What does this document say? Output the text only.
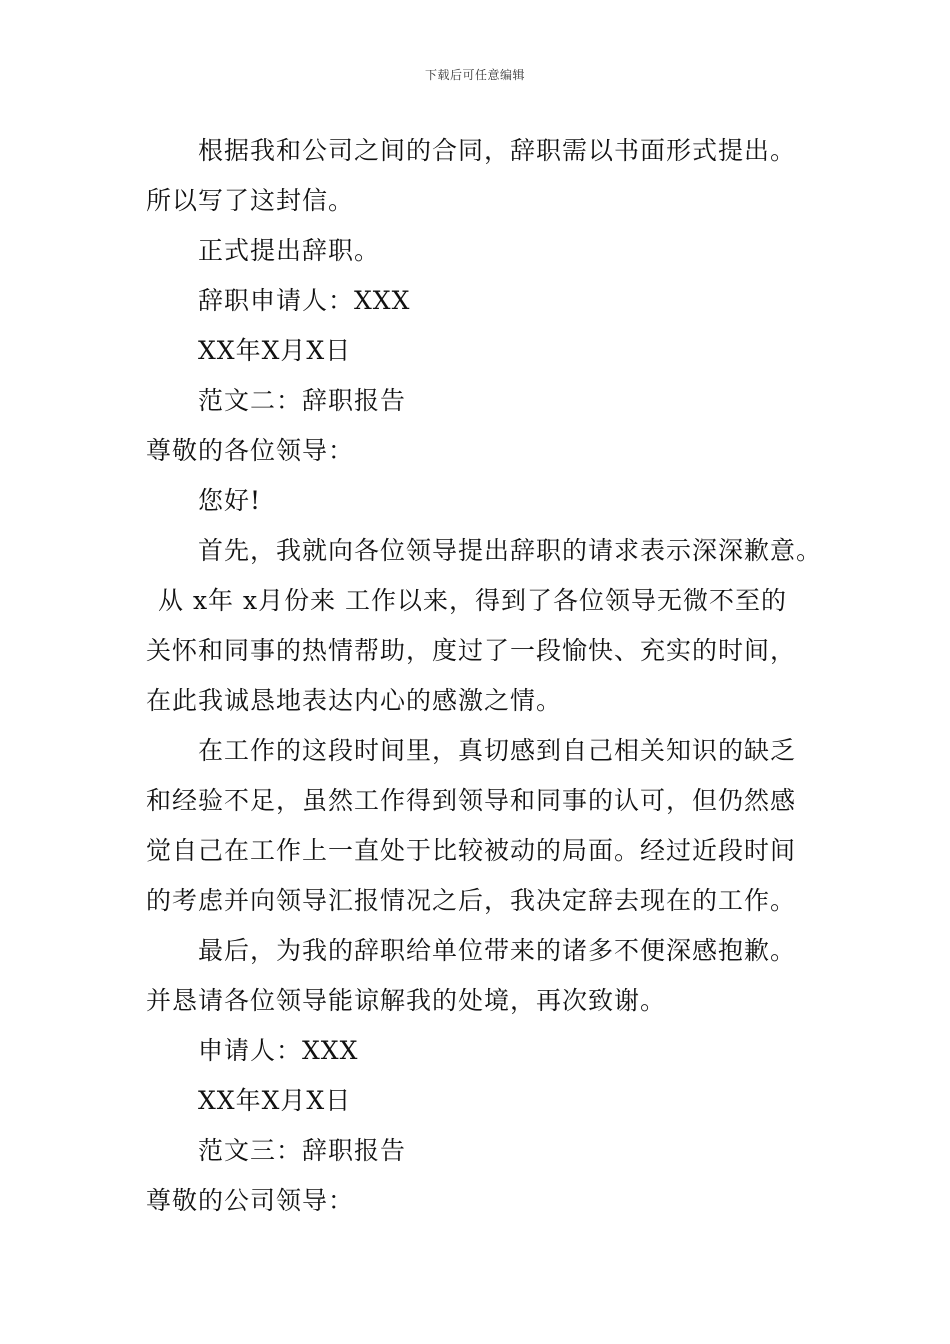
下载后可任意编辑
根据我和公司之间的合同，辞职需以书面形式提出。
所以写了这封信。
正式提出辞职。
辞职申请人：XXX
XX年X月X日
范文二：辞职报告
尊敬的各位领导：
您好!
首先，我就向各位领导提出辞职的请求表示深深歉意。
从 x年 x月份来 工作以来，得到了各位领导无微不至的
关怀和同事的热情帮助，度过了一段愉快、充实的时间，
在此我诚恳地表达内心的感激之情。
在工作的这段时间里，真切感到自己相关知识的缺乏
和经验不足，虽然工作得到领导和同事的认可，但仍然感
觉自己在工作上一直处于比较被动的局面。经过近段时间
的考虑并向领导汇报情况之后，我决定辞去现在的工作。
最后，为我的辞职给单位带来的诸多不便深感抱歉。
并恳请各位领导能谅解我的处境，再次致谢。
申请人：XXX
XX年X月X日
范文三：辞职报告
尊敬的公司领导：
